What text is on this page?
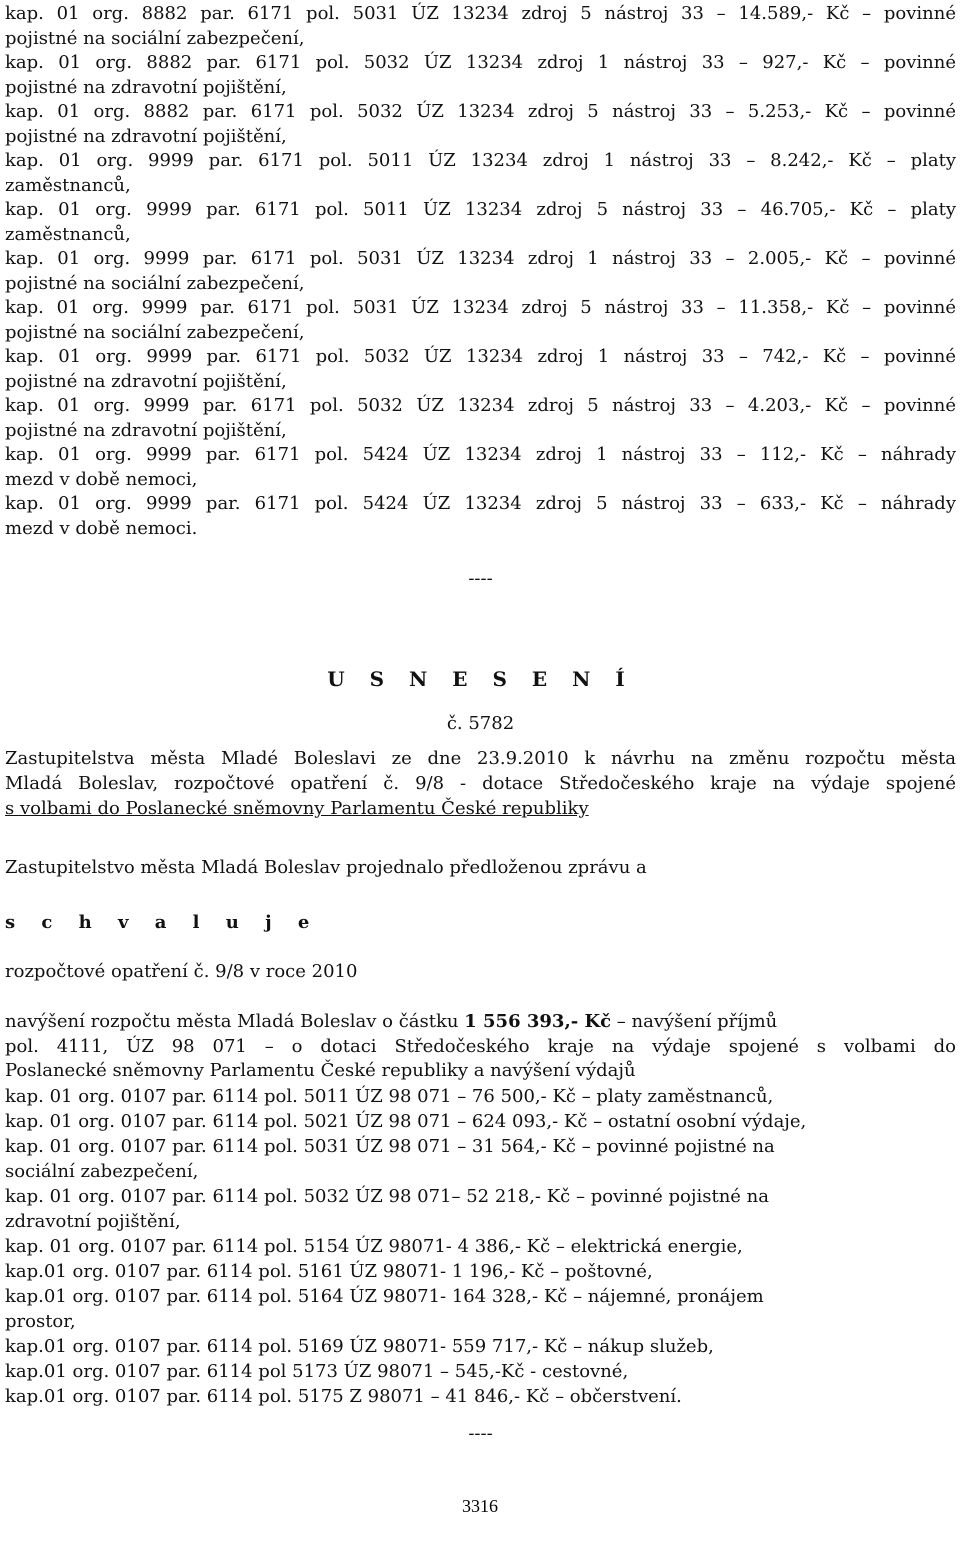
kap. 01 org. 8882 par. 6171 pol. 5031 ÚZ 13234 zdroj 5 nástroj 33 – 14.589,- Kč – povinné
pojistné na sociální zabezpečení,

kap. 01 org. 8882 par. 6171 pol. 5032 ÚZ 13234 zdroj 1 nástroj 33 – 927,- Kč – povinné
pojistné na zdravotní pojištění,

kap. 01 org. 8882 par. 6171 pol. 5032 ÚZ 13234 zdroj 5 nástroj 33 – 5.253,- Kč – povinné
pojistné na zdravotní pojištění,

kap. 01 org. 9999 par. 6171 pol. 5011 ÚZ 13234 zdroj 1 nástroj 33 – 8.242,- Kč – platy
zaměstnanců,

kap. 01 org. 9999 par. 6171 pol. 5011 ÚZ 13234 zdroj 5 nástroj 33 – 46.705,- Kč – platy
zaměstnanců,

kap. 01 org. 9999 par. 6171 pol. 5031 ÚZ 13234 zdroj 1 nástroj 33 – 2.005,- Kč – povinné
pojistné na sociální zabezpečení,

kap. 01 org. 9999 par. 6171 pol. 5031 ÚZ 13234 zdroj 5 nástroj 33 – 11.358,- Kč – povinné
pojistné na sociální zabezpečení,

kap. 01 org. 9999 par. 6171 pol. 5032 ÚZ 13234 zdroj 1 nástroj 33 – 742,- Kč – povinné
pojistné na zdravotní pojištění,

kap. 01 org. 9999 par. 6171 pol. 5032 ÚZ 13234 zdroj 5 nástroj 33 – 4.203,- Kč – povinné
pojistné na zdravotní pojištění,

kap. 01 org. 9999 par. 6171 pol. 5424 ÚZ 13234 zdroj 1 nástroj 33 – 112,- Kč – náhrady
mezd v době nemoci,

kap. 01 org. 9999 par. 6171 pol. 5424 ÚZ 13234 zdroj 5 nástroj 33 – 633,- Kč – náhrady
mezd v době nemoci.

----
U S N E S E N Í
č. 5782
Zastupitelstva města Mladé Boleslavi ze dne 23.9.2010 k návrhu na změnu rozpočtu města
Mladá Boleslav, rozpočtové opatření č. 9/8 - dotace Středočeského kraje na výdaje spojené
s volbami do Poslanecké sněmovny Parlamentu České republiky
Zastupitelstvo města Mladá Boleslav projednalo předloženou zprávu a
s c h v a l u j e
rozpočtové opatření č. 9/8 v roce 2010
navýšení rozpočtu města Mladá Boleslav o částku 1 556 393,- Kč – navýšení příjmů
pol. 4111, ÚZ 98 071 – o dotaci Středočeského kraje na výdaje spojené s volbami do
Poslanecké sněmovny Parlamentu České republiky a navýšení výdajů
kap. 01 org. 0107 par. 6114 pol. 5011 ÚZ 98 071 – 76 500,- Kč – platy zaměstnanců,
kap. 01 org. 0107 par. 6114 pol. 5021 ÚZ 98 071 – 624 093,- Kč – ostatní osobní výdaje,
kap. 01 org. 0107 par. 6114 pol. 5031 ÚZ 98 071 – 31 564,- Kč – povinné pojistné na
sociální zabezpečení,
kap. 01 org. 0107 par. 6114 pol. 5032 ÚZ 98 071– 52 218,- Kč – povinné pojistné na
zdravotní pojištění,
kap. 01 org. 0107 par. 6114 pol. 5154 ÚZ 98071- 4 386,- Kč – elektrická energie,
kap.01 org. 0107 par. 6114 pol. 5161 ÚZ 98071- 1 196,- Kč – poštovné,
kap.01 org. 0107 par. 6114 pol. 5164 ÚZ 98071- 164 328,- Kč – nájemné, pronájem
prostor,
kap.01 org. 0107 par. 6114 pol. 5169 ÚZ 98071- 559 717,- Kč – nákup služeb,
kap.01 org. 0107 par. 6114 pol 5173 ÚZ 98071 – 545,-Kč - cestovné,
kap.01 org. 0107 par. 6114 pol. 5175 Z 98071 – 41 846,- Kč – občerstvení.
----
3316
